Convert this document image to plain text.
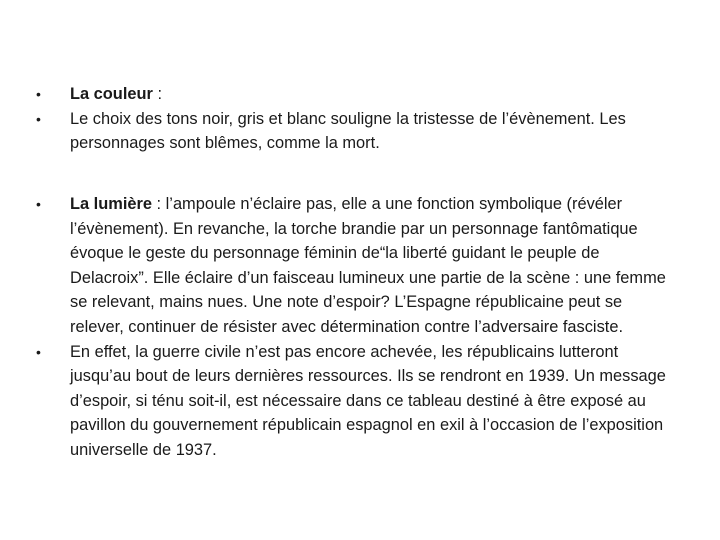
• La couleur :
• Le choix des tons noir, gris et blanc souligne la tristesse de l’évènement. Les personnages sont blêmes, comme la mort.
• La lumière : l’ampoule n’éclaire pas, elle a une fonction symbolique (révéler l’évènement). En revanche, la torche brandie par un personnage fantômatique évoque le geste du personnage féminin de“la liberté guidant le peuple de Delacroix”. Elle éclaire d’un faisceau lumineux une partie de la scène : une femme se relevant, mains nues. Une note d’espoir? L’Espagne républicaine peut se relever, continuer de résister avec détermination contre l’adversaire fasciste.
• En effet, la guerre civile n’est pas encore achevée, les républicains lutteront jusqu’au bout de leurs dernières ressources. Ils se rendront en 1939. Un message d’espoir, si ténu soit-il, est nécessaire dans ce tableau destiné à être exposé au pavillon du gouvernement républicain espagnol en exil à l’occasion de l’exposition universelle de 1937.
